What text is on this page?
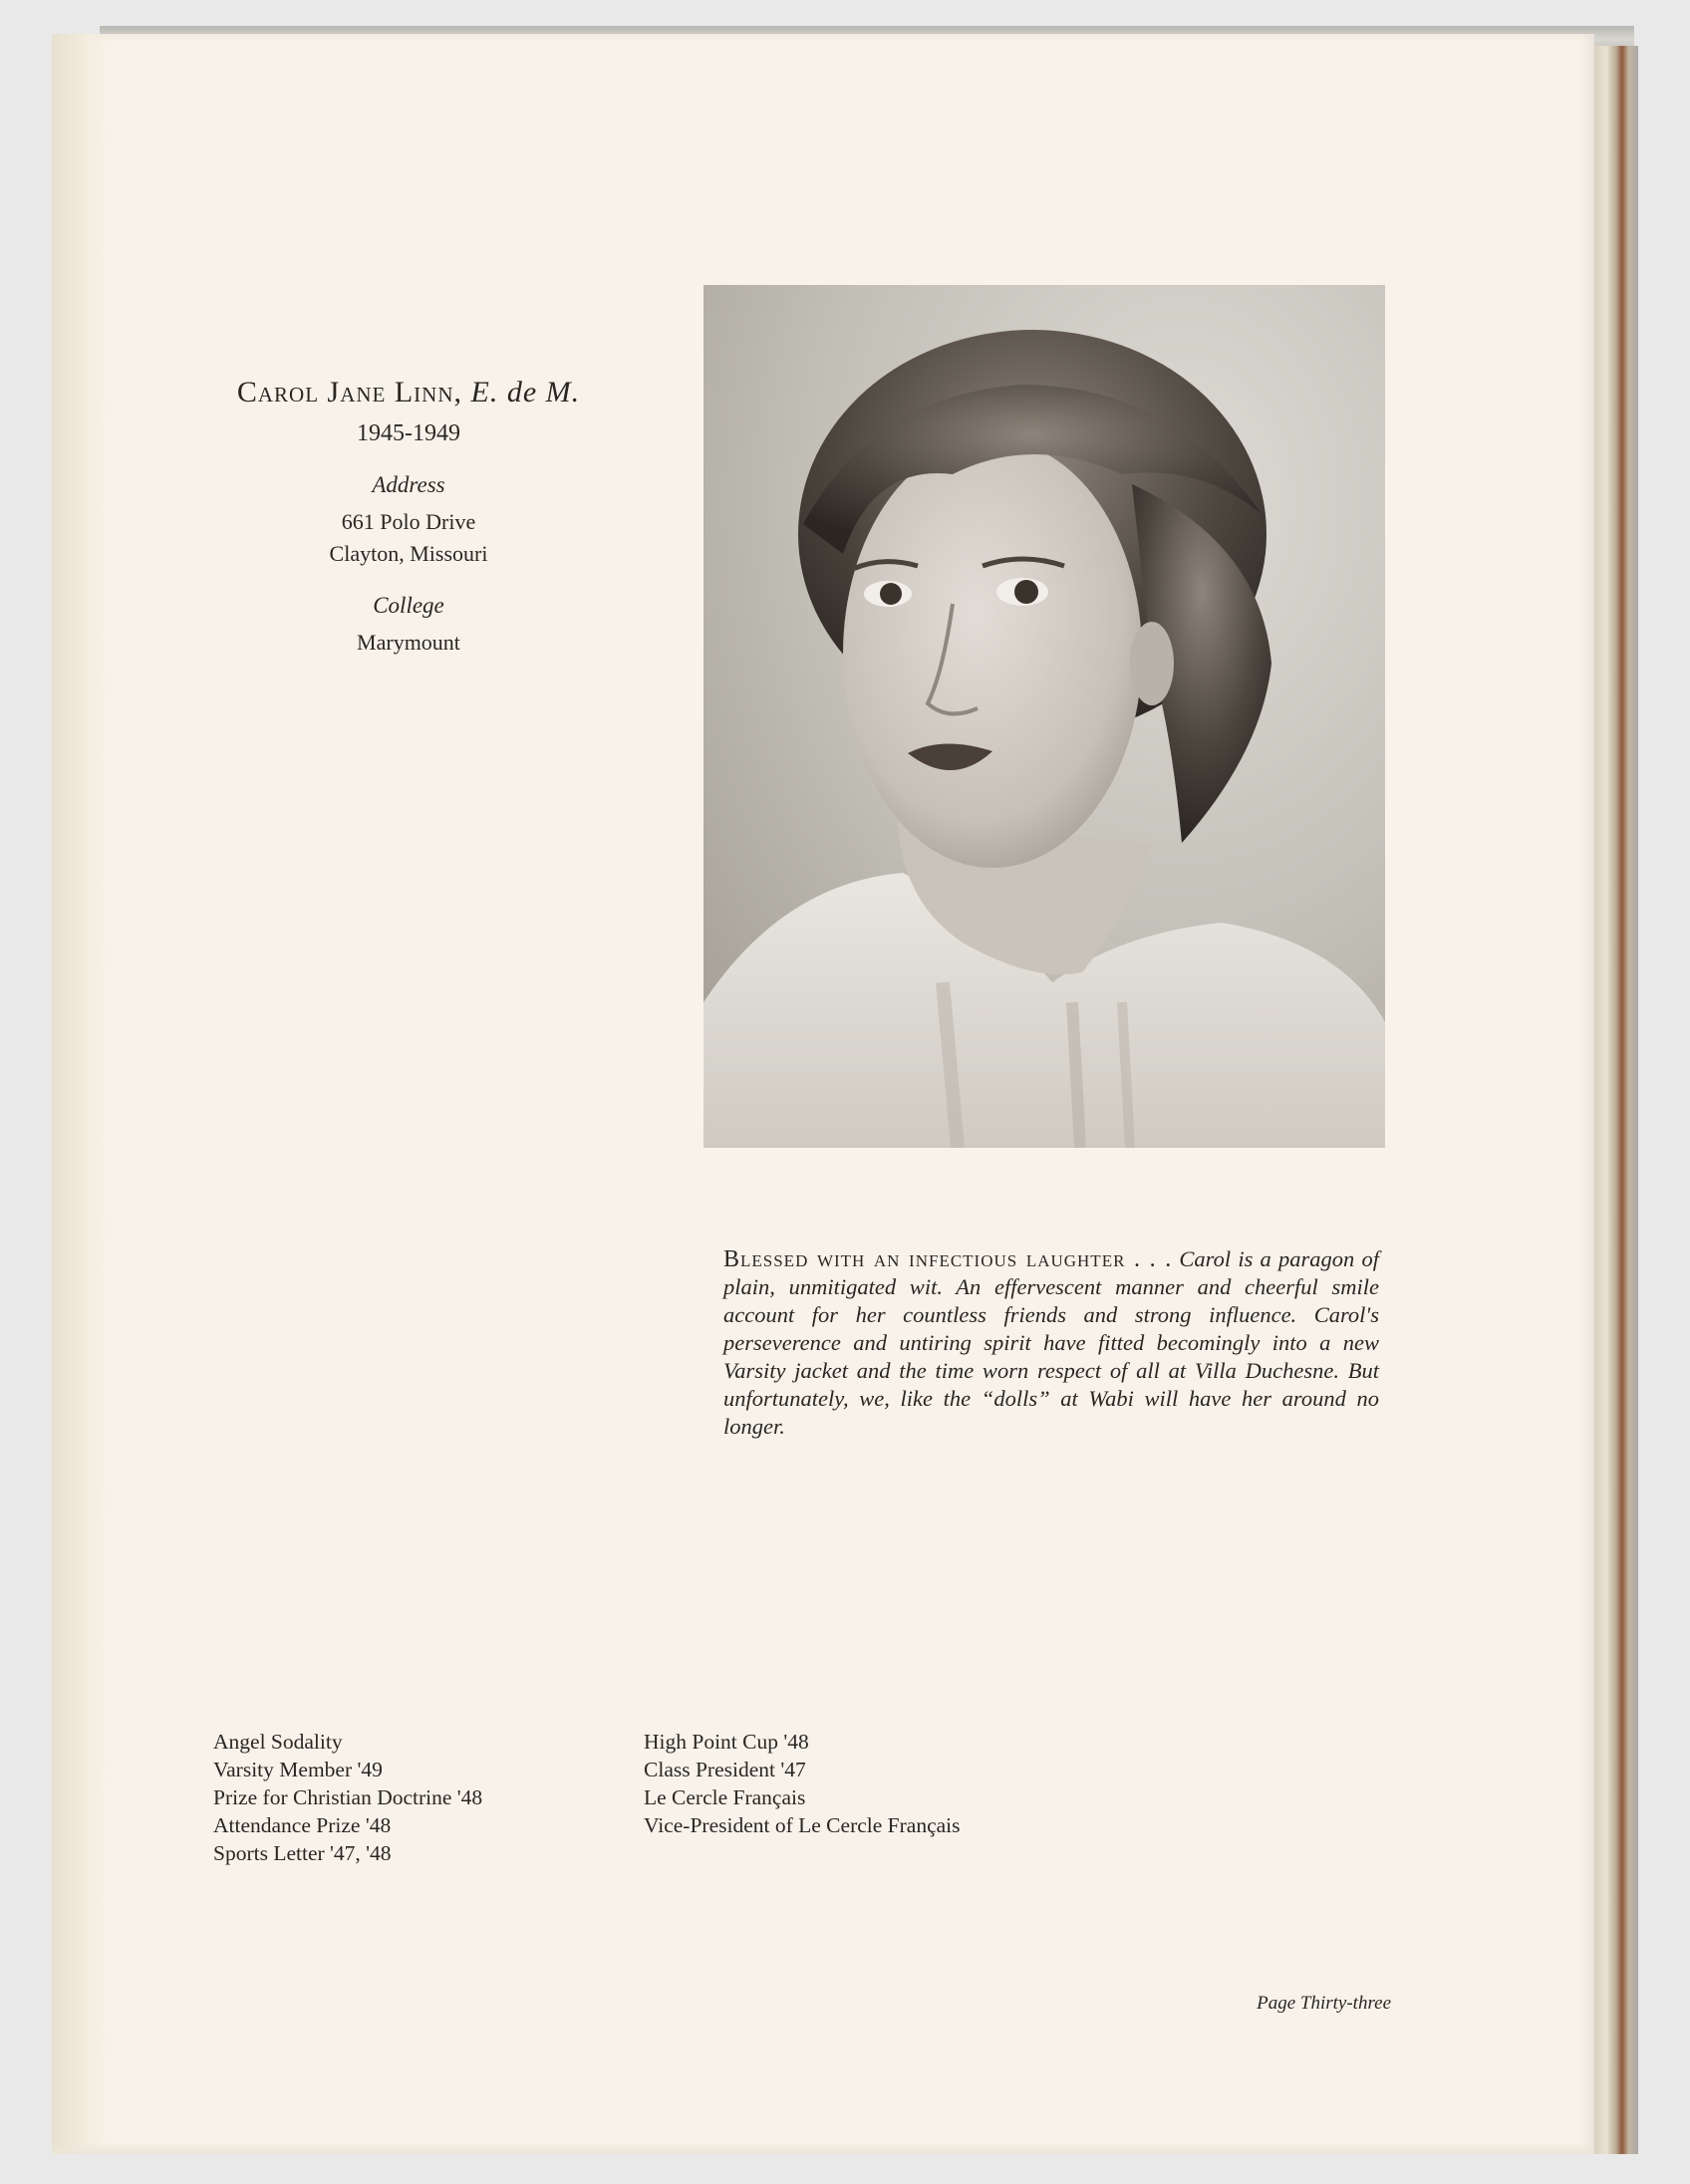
Carol Jane Linn, E. de M.
1945-1949
Address
661 Polo Drive
Clayton, Missouri
College
Marymount
Blessed with an infectious laughter . . . Carol is a paragon of plain, unmitigated wit. An effervescent manner and cheerful smile account for her countless friends and strong influence. Carol's perseverence and untiring spirit have fitted becomingly into a new Varsity jacket and the time worn respect of all at Villa Duchesne. But unfortunately, we, like the “dolls” at Wabi will have her around no longer.
Angel Sodality
Varsity Member '49
Prize for Christian Doctrine '48
Attendance Prize '48
Sports Letter '47, '48
High Point Cup '48
Class President '47
Le Cercle Français
Vice-President of Le Cercle Français
Page Thirty-three
